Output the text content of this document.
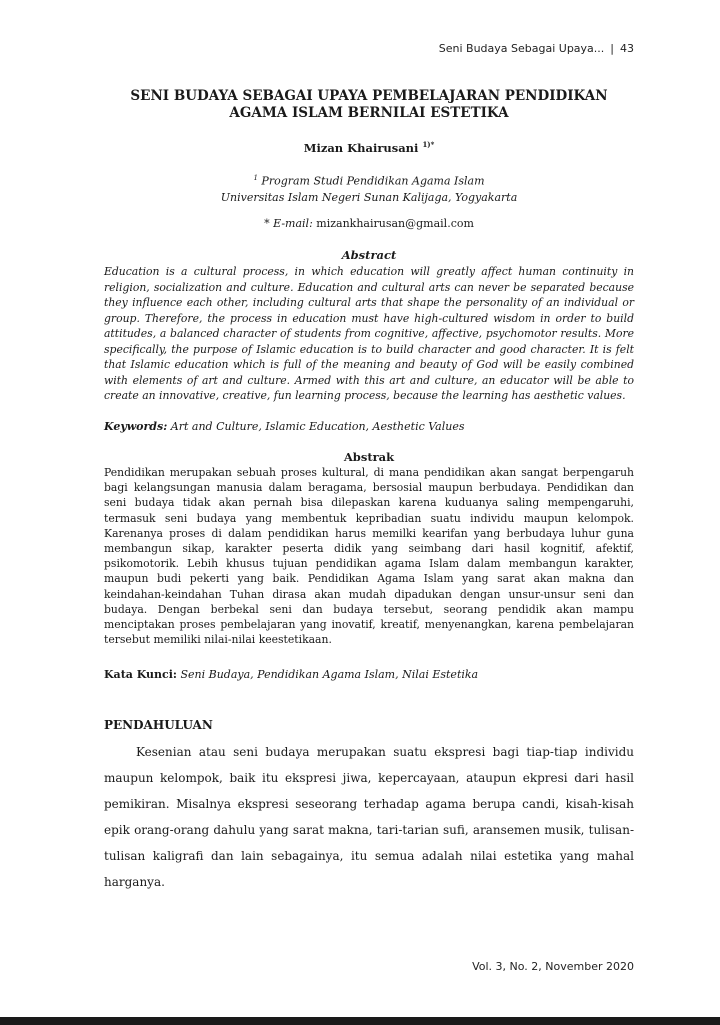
Seni Budaya Sebagai Upaya... | 43
SENI BUDAYA SEBAGAI UPAYA PEMBELAJARAN PENDIDIKAN AGAMA ISLAM BERNILAI ESTETIKA
Mizan Khairusani $^{1)*}$
$^1$ Program Studi Pendidikan Agama Islam
Universitas Islam Negeri Sunan Kalijaga, Yogyakarta
* E-mail: mizankhairusan@gmail.com
Abstract

Education is a cultural process, in which education will greatly affect human continuity in religion, socialization and culture. Education and cultural arts can never be separated because they influence each other, including cultural arts that shape the personality of an individual or group. Therefore, the process in education must have high-cultured wisdom in order to build attitudes, a balanced character of students from cognitive, affective, psychomotor results. More specifically, the purpose of Islamic education is to build character and good character. It is felt that Islamic education which is full of the meaning and beauty of God will be easily combined with elements of art and culture. Armed with this art and culture, an educator will be able to create an innovative, creative, fun learning process, because the learning has aesthetic values.

Keywords: Art and Culture, Islamic Education, Aesthetic Values
Abstrak

Pendidikan merupakan sebuah proses kultural, di mana pendidikan akan sangat berpengaruh bagi kelangsungan manusia dalam beragama, bersosial maupun berbudaya. Pendidikan dan seni budaya tidak akan pernah bisa dilepaskan karena kuduanya saling mempengaruhi, termasuk seni budaya yang membentuk kepribadian suatu individu maupun kelompok. Karenanya proses di dalam pendidikan harus memilki kearifan yang berbudaya luhur guna membangun sikap, karakter peserta didik yang seimbang dari hasil kognitif, afektif, psikomotorik. Lebih khusus tujuan pendidikan agama Islam dalam membangun karakter, maupun budi pekerti yang baik. Pendidikan Agama Islam yang sarat akan makna dan keindahan-keindahan Tuhan dirasa akan mudah dipadukan dengan unsur-unsur seni dan budaya. Dengan berbekal seni dan budaya tersebut, seorang pendidik akan mampu menciptakan proses pembelajaran yang inovatif, kreatif, menyenangkan, karena pembelajaran tersebut memiliki nilai-nilai keestetikaan.

Kata Kunci: Seni Budaya, Pendidikan Agama Islam, Nilai Estetika
PENDAHULUAN

Kesenian atau seni budaya merupakan suatu ekspresi bagi tiap-tiap individu maupun kelompok, baik itu ekspresi jiwa, kepercayaan, ataupun ekpresi dari hasil pemikiran. Misalnya ekspresi seseorang terhadap agama berupa candi, kisah-kisah epik orang-orang dahulu yang sarat makna, tari-tarian sufi, aransemen musik, tulisan-tulisan kaligrafi dan lain sebagainya, itu semua adalah nilai estetika yang mahal harganya.

Vol. 3, No. 2, November 2020
